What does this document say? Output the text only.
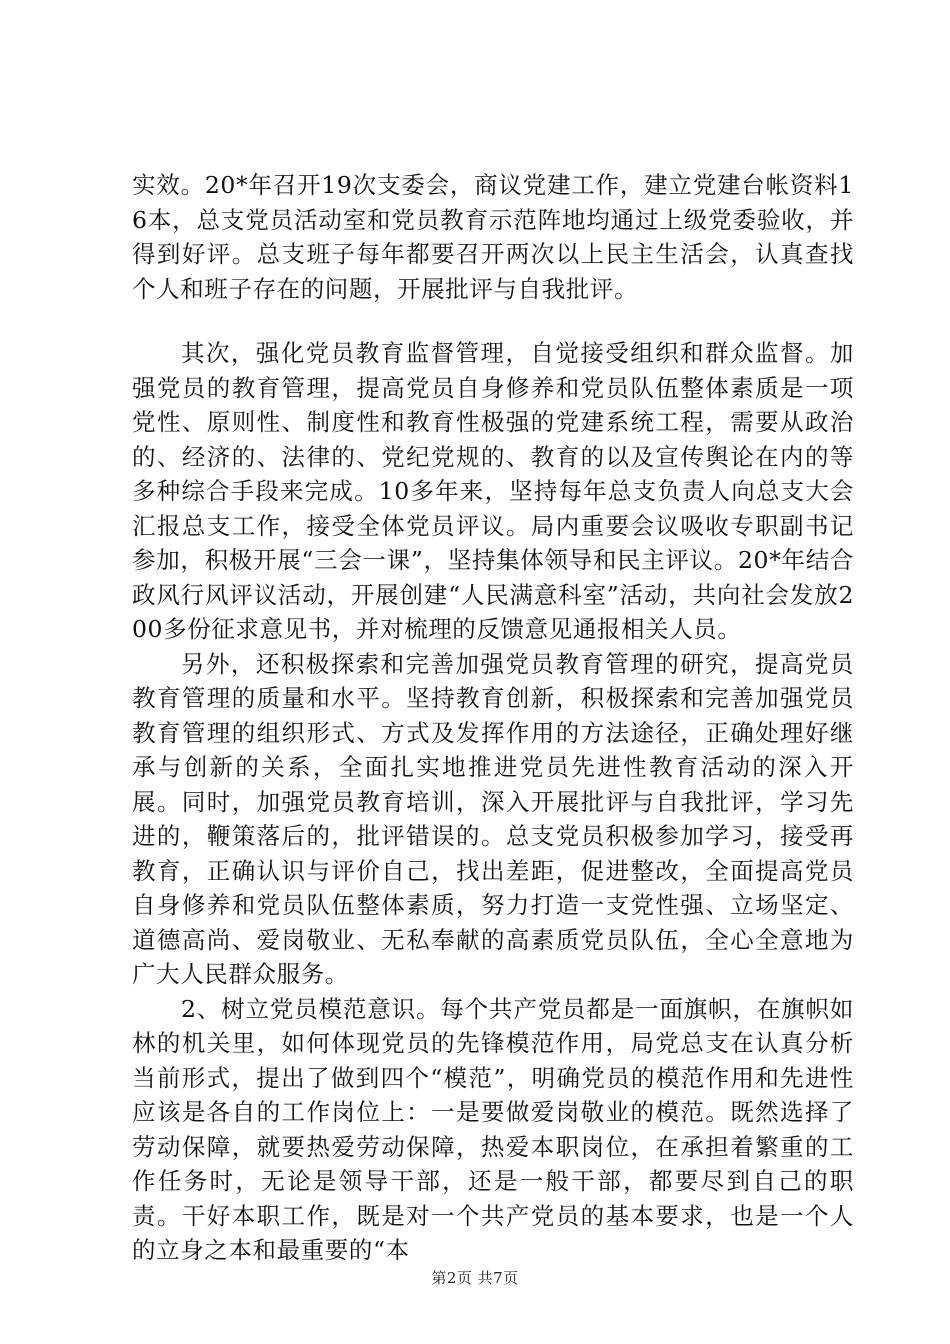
实效。20*年召开19次支委会，商议党建工作，建立党建台帐资料16本，总支党员活动室和党员教育示范阵地均通过上级党委验收，并得到好评。总支班子每年都要召开两次以上民主生活会，认真查找个人和班子存在的问题，开展批评与自我批评。

其次，强化党员教育监督管理，自觉接受组织和群众监督。加强党员的教育管理，提高党员自身修养和党员队伍整体素质是一项党性、原则性、制度性和教育性极强的党建系统工程，需要从政治的、经济的、法律的、党纪党规的、教育的以及宣传舆论在内的等多种综合手段来完成。10多年来，坚持每年总支负责人向总支大会汇报总支工作，接受全体党员评议。局内重要会议吸收专职副书记参加，积极开展“三会一课”，坚持集体领导和民主评议。20*年结合政风行风评议活动，开展创建“人民满意科室”活动，共向社会发放200多份征求意见书，并对梳理的反馈意见通报相关人员。

另外，还积极探索和完善加强党员教育管理的研究，提高党员教育管理的质量和水平。坚持教育创新，积极探索和完善加强党员教育管理的组织形式、方式及发挥作用的方法途径，正确处理好继承与创新的关系，全面扎实地推进党员先进性教育活动的深入开展。同时，加强党员教育培训，深入开展批评与自我批评，学习先进的，鞭策落后的，批评错误的。总支党员积极参加学习，接受再教育，正确认识与评价自己，找出差距，促进整改，全面提高党员自身修养和党员队伍整体素质，努力打造一支党性强、立场坚定、道德高尚、爱岗敬业、无私奉献的高素质党员队伍，全心全意地为广大人民群众服务。

2、树立党员模范意识。每个共产党员都是一面旗帜，在旗帜如林的机关里，如何体现党员的先锋模范作用，局党总支在认真分析当前形式，提出了做到四个“模范”，明确党员的模范作用和先进性应该是各自的工作岗位上：一是要做爱岗敬业的模范。既然选择了劳动保障，就要热爱劳动保障，热爱本职岗位，在承担着繁重的工作任务时，无论是领导干部，还是一般干部，都要尽到自己的职责。干好本职工作，既是对一个共产党员的基本要求，也是一个人的立身之本和最重要的“本

第2页 共7页
